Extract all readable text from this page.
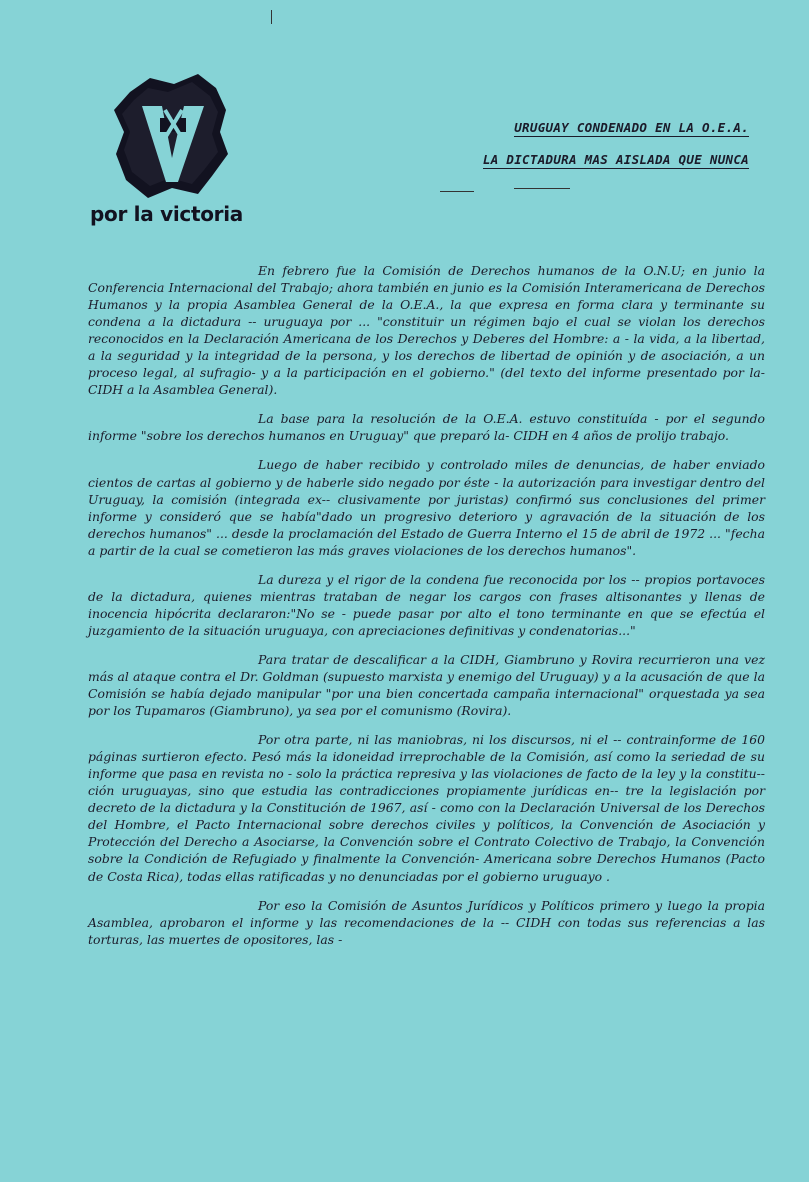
por la victoria
URUGUAY CONDENADO EN LA O.E.A.
LA DICTADURA MAS AISLADA QUE NUNCA

En febrero fue la Comisión de Derechos humanos de la O.N.U; en junio la Conferencia Internacional del Trabajo; ahora también en junio es la Comisión Interamericana de Derechos Humanos y la propia Asamblea General de la O.E.A., la que expresa en forma clara y terminante su condena a la dictadura -- uruguaya por ... "constituir un régimen bajo el cual se violan los derechos reconocidos en la Declaración Americana de los Derechos y Deberes del Hombre: a - la vida, a la libertad, a la seguridad y la integridad de la persona, y los derechos de libertad de opinión y de asociación, a un proceso legal, al sufragio- y a la participación en el gobierno." (del texto del informe presentado por la- CIDH a la Asamblea General).

La base para la resolución de la O.E.A. estuvo constituída - por el segundo informe "sobre los derechos humanos en Uruguay" que preparó la- CIDH en 4 años de prolijo trabajo.

Luego de haber recibido y controlado miles de denuncias, de haber enviado cientos de cartas al gobierno y de haberle sido negado por éste - la autorización para investigar dentro del Uruguay, la comisión (integrada ex-- clusivamente por juristas) confirmó sus conclusiones del primer informe y consideró que se había"dado un progresivo deterioro y agravación de la situación de los derechos humanos" ... desde la proclamación del Estado de Guerra Interno el 15 de abril de 1972 ... "fecha a partir de la cual se cometieron las más graves violaciones de los derechos humanos".

La dureza y el rigor de la condena fue reconocida por los -- propios portavoces de la dictadura, quienes mientras trataban de negar los cargos con frases altisonantes y llenas de inocencia hipócrita declararon:"No se - puede pasar por alto el tono terminante en que se efectúa el juzgamiento de la situación uruguaya, con apreciaciones definitivas y condenatorias..."

Para tratar de descalificar a la CIDH, Giambruno y Rovira recurrieron una vez más al ataque contra el Dr. Goldman (supuesto marxista y enemigo del Uruguay) y a la acusación de que la Comisión se había dejado manipular "por una bien concertada campaña internacional" orquestada ya sea por los Tupamaros (Giambruno), ya sea por el comunismo (Rovira).

Por otra parte, ni las maniobras, ni los discursos, ni el -- contrainforme de 160 páginas surtieron efecto. Pesó más la idoneidad irreprochable de la Comisión, así como la seriedad de su informe que pasa en revista no - solo la práctica represiva y las violaciones de facto de la ley y la constitu-- ción uruguayas, sino que estudia las contradicciones propiamente jurídicas en-- tre la legislación por decreto de la dictadura y la Constitución de 1967, así - como con la Declaración Universal de los Derechos del Hombre, el Pacto Internacional sobre derechos civiles y políticos, la Convención de Asociación y Protección del Derecho a Asociarse, la Convención sobre el Contrato Colectivo de Trabajo, la Convención sobre la Condición de Refugiado y finalmente la Convención- Americana sobre Derechos Humanos (Pacto de Costa Rica), todas ellas ratificadas y no denunciadas por el gobierno uruguayo .

Por eso la Comisión de Asuntos Jurídicos y Políticos primero y luego la propia Asamblea, aprobaron el informe y las recomendaciones de la -- CIDH con todas sus referencias a las torturas, las muertes de opositores, las -
